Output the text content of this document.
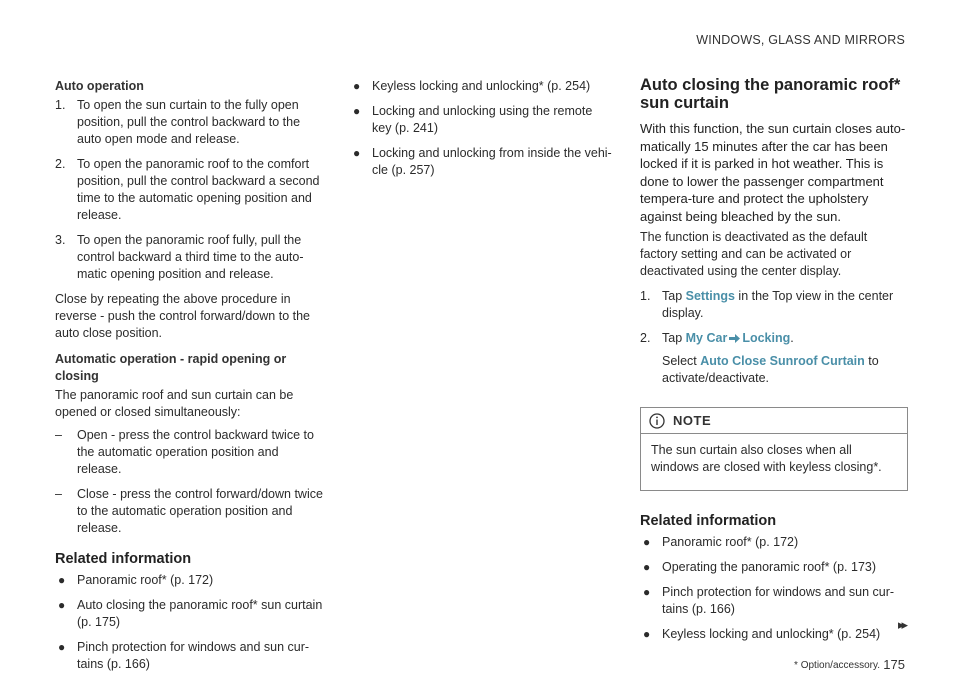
WINDOWS, GLASS AND MIRRORS
Auto operation
1. To open the sun curtain to the fully open position, pull the control backward to the auto open mode and release.
2. To open the panoramic roof to the comfort position, pull the control backward a second time to the automatic opening position and release.
3. To open the panoramic roof fully, pull the control backward a third time to the auto-matic opening position and release.

Close by repeating the above procedure in reverse - push the control forward/down to the auto close position.

Automatic operation - rapid opening or closing

The panoramic roof and sun curtain can be opened or closed simultaneously:

– Open - press the control backward twice to the automatic operation position and release.
– Close - press the control forward/down twice to the automatic operation position and release.
Related information
● Panoramic roof* (p. 172)
● Auto closing the panoramic roof* sun curtain (p. 175)
● Pinch protection for windows and sun cur-tains (p. 166)
● Keyless locking and unlocking* (p. 254)
● Locking and unlocking using the remote key (p. 241)
● Locking and unlocking from inside the vehi-cle (p. 257)
Auto closing the panoramic roof* sun curtain

With this function, the sun curtain closes auto-matically 15 minutes after the car has been locked if it is parked in hot weather. This is done to lower the passenger compartment tempera-ture and protect the upholstery against being bleached by the sun.

The function is deactivated as the default factory setting and can be activated or deactivated using the center display.

1. Tap Settings in the Top view in the center display.
2. Tap My Car Locking.
Select Auto Close Sunroof Curtain to activate/deactivate.
NOTE
The sun curtain also closes when all windows are closed with keyless closing*.
Related information
● Panoramic roof* (p. 172)
● Operating the panoramic roof* (p. 173)
● Pinch protection for windows and sun cur-tains (p. 166)
● Keyless locking and unlocking* (p. 254)
▸▸
* Option/accessory. 175
